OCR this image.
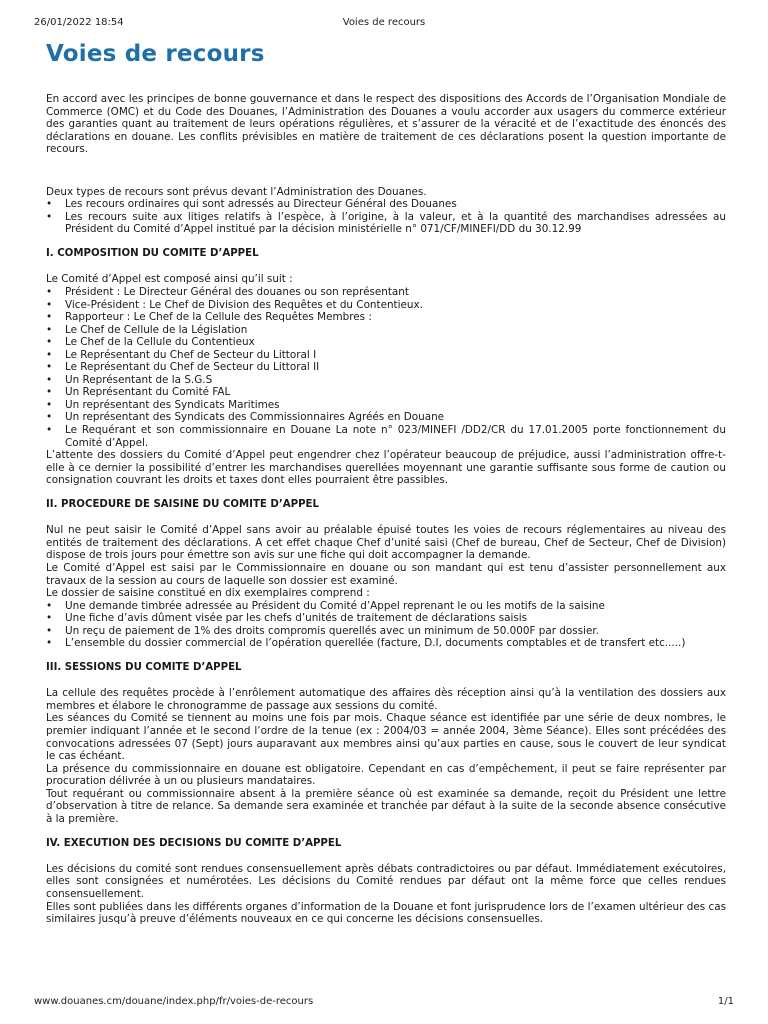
26/01/2022 18:54	Voies de recours
Voies de recours

En accord avec les principes de bonne gouvernance et dans le respect des dispositions des Accords de l’Organisation Mondiale de Commerce (OMC) et du Code des Douanes, l’Administration des Douanes a voulu accorder aux usagers du commerce extérieur des garanties quant au traitement de leurs opérations régulières, et s’assurer de la véracité et de l’exactitude des énoncés des déclarations en douane. Les conflits prévisibles en matière de traitement de ces déclarations posent la question importante de recours.

Deux types de recours sont prévus devant l’Administration des Douanes.

• Les recours ordinaires qui sont adressés au Directeur Général des Douanes
• Les recours suite aux litiges relatifs à l’espèce, à l’origine, à la valeur, et à la quantité des marchandises adressées au Président du Comité d’Appel institué par la décision ministérielle n° 071/CF/MINEFI/DD du 30.12.99
I. COMPOSITION DU COMITE D’APPEL

Le Comité d’Appel est composé ainsi qu’il suit :

• Président : Le Directeur Général des douanes ou son représentant
• Vice-Président : Le Chef de Division des Requêtes et du Contentieux.
• Rapporteur : Le Chef de la Cellule des Requêtes Membres :
• Le Chef de Cellule de la Législation
• Le Chef de la Cellule du Contentieux
• Le Représentant du Chef de Secteur du Littoral I
• Le Représentant du Chef de Secteur du Littoral II
• Un Représentant de la S.G.S
• Un Représentant du Comité FAL
• Un représentant des Syndicats Maritimes
• Un représentant des Syndicats des Commissionnaires Agréés en Douane
• Le Requérant et son commissionnaire en Douane La note n° 023/MINEFI /DD2/CR du 17.01.2005 porte fonctionnement du Comité d’Appel.

L’attente des dossiers du Comité d’Appel peut engendrer chez l’opérateur beaucoup de préjudice, aussi l’administration offre-t-elle à ce dernier la possibilité d’entrer les marchandises querellées moyennant une garantie suffisante sous forme de caution ou consignation couvrant les droits et taxes dont elles pourraient être passibles.

II. PROCEDURE DE SAISINE DU COMITE D’APPEL

Nul ne peut saisir le Comité d’Appel sans avoir au préalable épuisé toutes les voies de recours réglementaires au niveau des entités de traitement des déclarations. A cet effet chaque Chef d’unité saisi (Chef de bureau, Chef de Secteur, Chef de Division) dispose de trois jours pour émettre son avis sur une fiche qui doit accompagner la demande.

Le Comité d’Appel est saisi par le Commissionnaire en douane ou son mandant qui est tenu d’assister personnellement aux travaux de la session au cours de laquelle son dossier est examiné.

Le dossier de saisine constitué en dix exemplaires comprend :

• Une demande timbrée adressée au Président du Comité d’Appel reprenant le ou les motifs de la saisine
• Une fiche d’avis dûment visée par les chefs d’unités de traitement de déclarations saisis
• Un reçu de paiement de 1% des droits compromis querellés avec un minimum de 50.000F par dossier.
• L’ensemble du dossier commercial de l’opération querellée (facture, D.I, documents comptables et de transfert etc.....)
III. SESSIONS DU COMITE D’APPEL

La cellule des requêtes procède à l’enrôlement automatique des affaires dès réception ainsi qu’à la ventilation des dossiers aux membres et élabore le chronogramme de passage aux sessions du comité.

Les séances du Comité se tiennent au moins une fois par mois. Chaque séance est identifiée par une série de deux nombres, le premier indiquant l’année et le second l’ordre de la tenue (ex : 2004/03 = année 2004, 3ème Séance). Elles sont précédées des convocations adressées 07 (Sept) jours auparavant aux membres ainsi qu’aux parties en cause, sous le couvert de leur syndicat le cas échéant.

La présence du commissionnaire en douane est obligatoire. Cependant en cas d’empêchement, il peut se faire représenter par procuration délivrée à un ou plusieurs mandataires.

Tout requérant ou commissionnaire absent à la première séance où est examinée sa demande, reçoit du Président une lettre d’observation à titre de relance. Sa demande sera examinée et tranchée par défaut à la suite de la seconde absence consécutive à la première.

IV. EXECUTION DES DECISIONS DU COMITE D’APPEL

Les décisions du comité sont rendues consensuellement après débats contradictoires ou par défaut. Immédiatement exécutoires, elles sont consignées et numérotées. Les décisions du Comité rendues par défaut ont la même force que celles rendues consensuellement.

Elles sont publiées dans les différents organes d’information de la Douane et font jurisprudence lors de l’examen ultérieur des cas similaires jusqu’à preuve d’éléments nouveaux en ce qui concerne les décisions consensuelles.

www.douanes.cm/douane/index.php/fr/voies-de-recours	1/1
